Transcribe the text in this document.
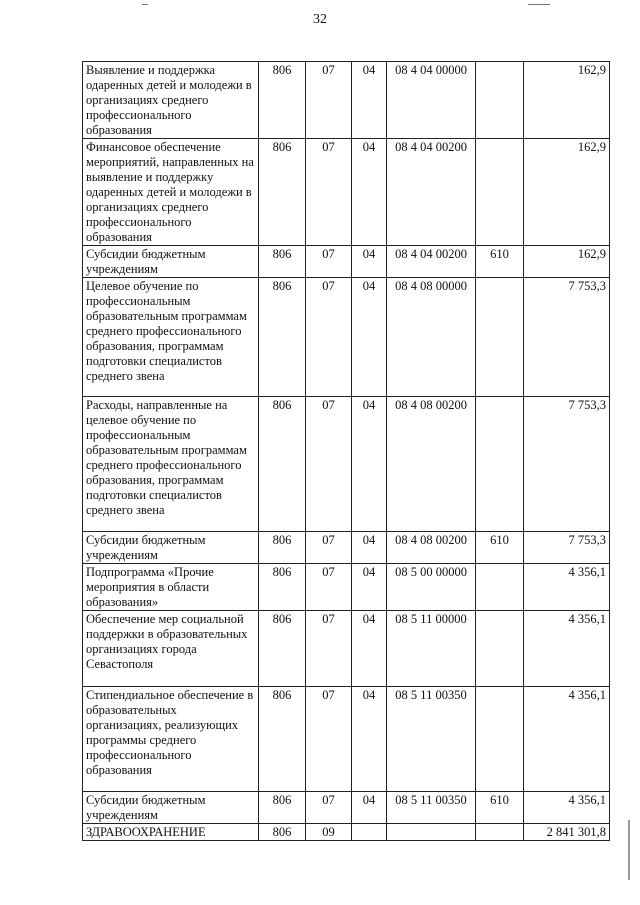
32
Выявление и поддержка одаренных детей и молодежи в организациях среднего профессионального образования	806	07	04	08 4 04 00000		162,9
Финансовое обеспечение мероприятий, направленных на выявление и поддержку одаренных детей и молодежи в организациях среднего профессионального образования	806	07	04	08 4 04 00200		162,9
Субсидии бюджетным учреждениям	806	07	04	08 4 04 00200	610	162,9
Целевое обучение по профессиональным образовательным программам среднего профессионального образования, программам подготовки специалистов среднего звена	806	07	04	08 4 08 00000		7 753,3
Расходы, направленные на целевое обучение по профессиональным образовательным программам среднего профессионального образования, программам подготовки специалистов среднего звена	806	07	04	08 4 08 00200		7 753,3
Субсидии бюджетным учреждениям	806	07	04	08 4 08 00200	610	7 753,3
Подпрограмма «Прочие мероприятия в области образования»	806	07	04	08 5 00 00000		4 356,1
Обеспечение мер социальной поддержки в образовательных организациях города Севастополя	806	07	04	08 5 11 00000		4 356,1
Стипендиальное обеспечение в образовательных организациях, реализующих программы среднего профессионального образования	806	07	04	08 5 11 00350		4 356,1
Субсидии бюджетным учреждениям	806	07	04	08 5 11 00350	610	4 356,1
ЗДРАВООХРАНЕНИЕ	806	09				2 841 301,8
